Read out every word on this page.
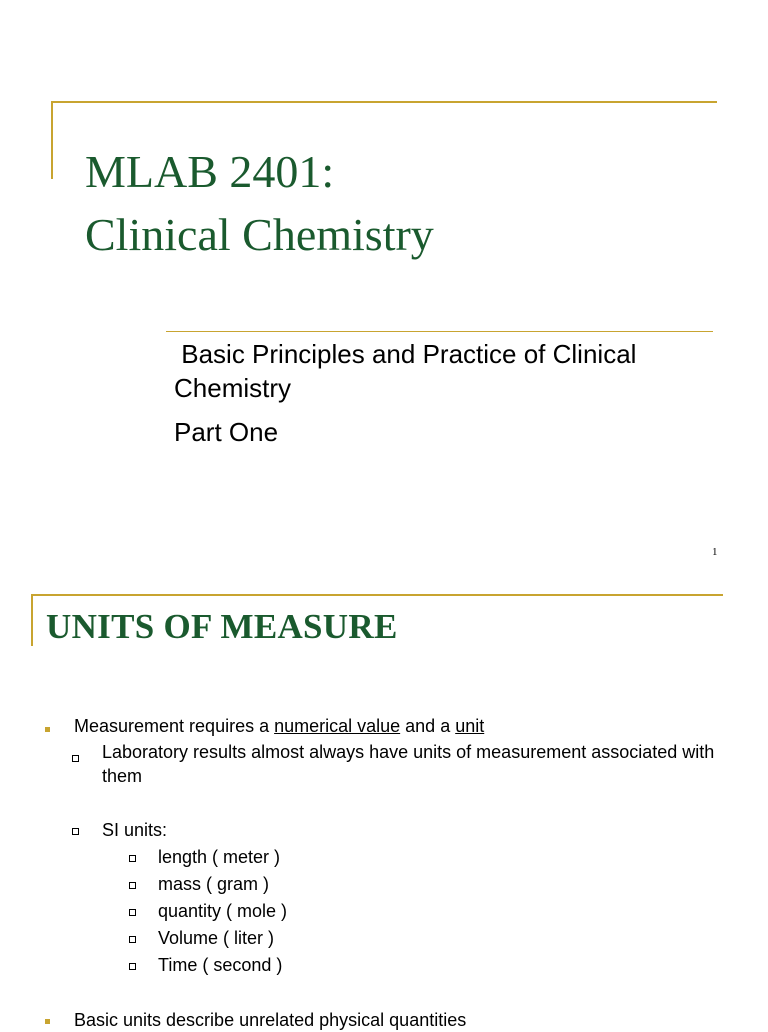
MLAB 2401:
Clinical Chemistry

Basic Principles and Practice of Clinical Chemistry

Part One

1
UNITS OF MEASURE
Measurement requires a numerical value and a unit
Laboratory results almost always have units of measurement associated with them
SI units:
length ( meter )
mass ( gram )
quantity ( mole )
Volume ( liter )
Time ( second )
Basic units describe unrelated physical quantities
